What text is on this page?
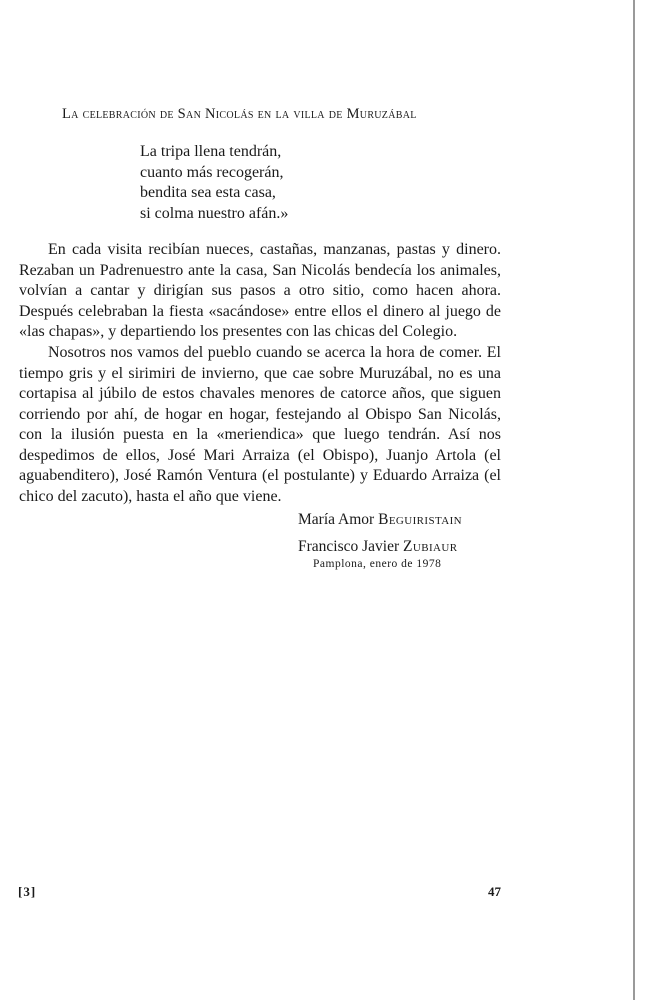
La celebración de San Nicolás en la villa de Muruzábal
La tripa llena tendrán,
cuanto más recogerán,
bendita sea esta casa,
si colma nuestro afán.»

En cada visita recibían nueces, castañas, manzanas, pastas y dinero. Rezaban un Padrenuestro ante la casa, San Nicolás bendecía los animales, volvían a cantar y dirigían sus pasos a otro sitio, como hacen ahora. Después celebraban la fiesta «sacándose» entre ellos el dinero al juego de «las chapas», y departiendo los presentes con las chicas del Colegio.

Nosotros nos vamos del pueblo cuando se acerca la hora de comer. El tiempo gris y el sirimiri de invierno, que cae sobre Muruzábal, no es una cortapisa al júbilo de estos chavales menores de catorce años, que siguen corriendo por ahí, de hogar en hogar, festejando al Obispo San Nicolás, con la ilusión puesta en la «meriendica» que luego tendrán. Así nos despedimos de ellos, José Mari Arraiza (el Obispo), Juanjo Artola (el aguabenditero), José Ramón Ventura (el postulante) y Eduardo Arraiza (el chico del zacuto), hasta el año que viene.

María Amor Beguiristain
Francisco Javier Zubiaur
Pamplona, enero de 1978
[3]	47
